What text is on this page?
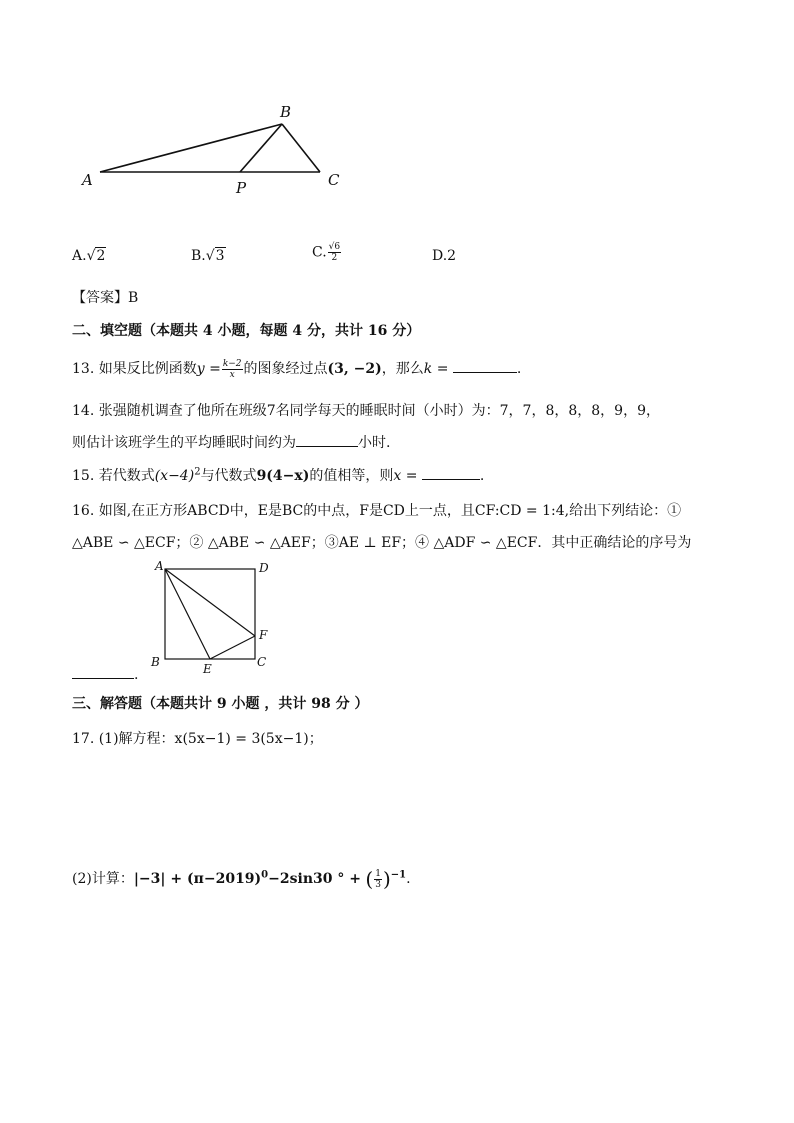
A
B
P	C
A.√2	B.√3	C. $\frac{√6}{2}$	D.2
【答案】B
二、填空题（本题共 4 小题，每题 4 分，共计 16 分）
13. 如果反比例函数$y = \frac{k-2}{x}$ 的图象经过点(3, −2)，那么k =	.
14. 张强随机调查了他所在班级7名同学每天的睡眠时间（小时）为：7，7，8，8，8，9，9，
则估计该班学生的平均睡眠时间约为	小时.
15. 若代数式$(x-4)^2$与代数式9(4−x)的值相等，则x =	.
16. 如图,在正方形ABCD中，E是BC的中点，F是CD上一点，且CF:CD = 1:4,给出下列结论：①
△ABE ∽ △ECF；② △ABE ∽ △AEF；③AE ⊥ EF；④ △ADF ∽ △ECF．其中正确结论的序号为
A	D
F
B	E	C
.
三、解答题（本题共计 9 小题 ，共计 98 分 ）
17. (1)解方程：x(5x−1) = 3(5x−1)；
(2)计算：$|-3| + (\pi-2019)^0-2\sin 30$ ° + ( $\frac{1}{3} )^{-1}$.
